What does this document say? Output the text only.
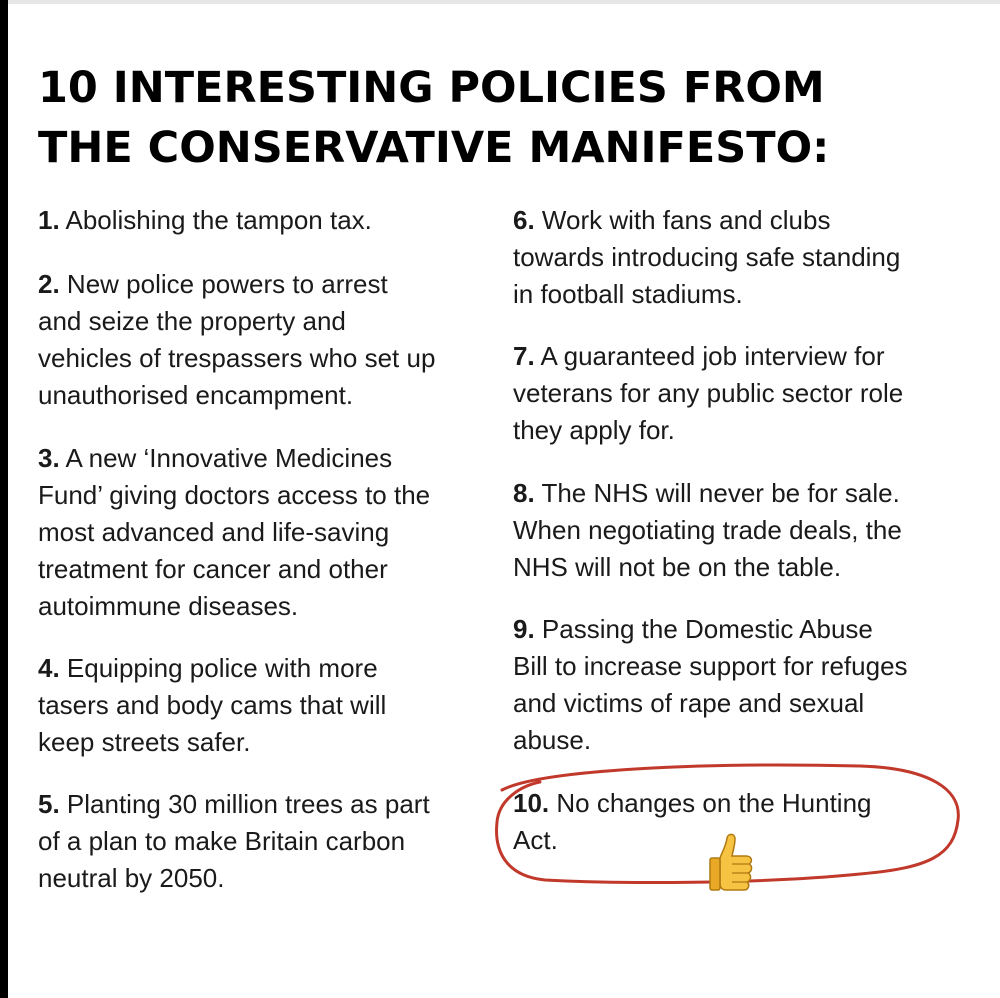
10 INTERESTING POLICIES FROM
THE CONSERVATIVE MANIFESTO:
1. Abolishing the tampon tax.
2. New police powers to arrest
and seize the property and
vehicles of trespassers who set up
unauthorised encampment.
3. A new ‘Innovative Medicines
Fund’ giving doctors access to the
most advanced and life-saving
treatment for cancer and other
autoimmune diseases.
4. Equipping police with more
tasers and body cams that will
keep streets safer.
5. Planting 30 million trees as part
of a plan to make Britain carbon
neutral by 2050.
6. Work with fans and clubs
towards introducing safe standing
in football stadiums.
7. A guaranteed job interview for
veterans for any public sector role
they apply for.
8. The NHS will never be for sale.
When negotiating trade deals, the
NHS will not be on the table.
9. Passing the Domestic Abuse
Bill to increase support for refuges
and victims of rape and sexual
abuse.
10. No changes on the Hunting
Act.
